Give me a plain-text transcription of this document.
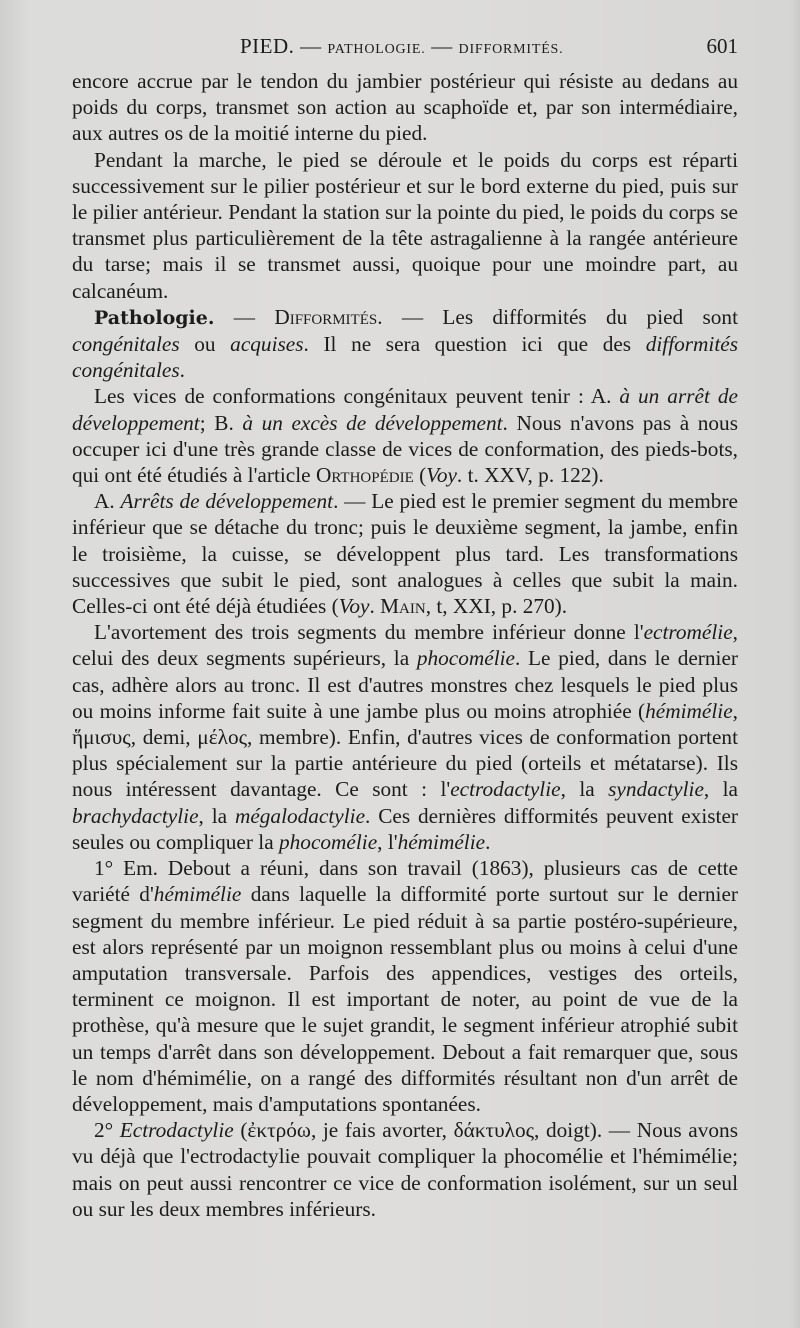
PIED. — PATHOLOGIE. — DIFFORMITÉS.	601

encore accrue par le tendon du jambier postérieur qui résiste au dedans au poids du corps, transmet son action au scaphoïde et, par son intermédiaire, aux autres os de la moitié interne du pied.

Pendant la marche, le pied se déroule et le poids du corps est réparti successivement sur le pilier postérieur et sur le bord externe du pied, puis sur le pilier antérieur. Pendant la station sur la pointe du pied, le poids du corps se transmet plus particulièrement de la tête astragalienne à la rangée antérieure du tarse; mais il se transmet aussi, quoique pour une moindre part, au calcanéum.

Pathologie. — Difformités. — Les difformités du pied sont congénitales ou acquises. Il ne sera question ici que des difformités congénitales.

Les vices de conformations congénitaux peuvent tenir : A. à un arrêt de développement; B. à un excès de développement. Nous n'avons pas à nous occuper ici d'une très grande classe de vices de conformation, des pieds-bots, qui ont été étudiés à l'article Orthopédie (Voy. t. XXV, p. 122).

A. Arrêts de développement. — Le pied est le premier segment du membre inférieur que se détache du tronc; puis le deuxième segment, la jambe, enfin le troisième, la cuisse, se développent plus tard. Les transformations successives que subit le pied, sont analogues à celles que subit la main. Celles-ci ont été déjà étudiées (Voy. Main, t, XXI, p. 270).

L'avortement des trois segments du membre inférieur donne l'ectromélie, celui des deux segments supérieurs, la phocomélie. Le pied, dans le dernier cas, adhère alors au tronc. Il est d'autres monstres chez lesquels le pied plus ou moins informe fait suite à une jambe plus ou moins atrophiée (hémimélie, ἥμισυς, demi, μέλος, membre). Enfin, d'autres vices de conformation portent plus spécialement sur la partie antérieure du pied (orteils et métatarse). Ils nous intéressent davantage. Ce sont : l'ectrodactylie, la syndactylie, la brachydactylie, la mégalodactylie. Ces dernières difformités peuvent exister seules ou compliquer la phocomélie, l'hémimélie.

1° Em. Debout a réuni, dans son travail (1863), plusieurs cas de cette variété d'hémimélie dans laquelle la difformité porte surtout sur le dernier segment du membre inférieur. Le pied réduit à sa partie postéro-supérieure, est alors représenté par un moignon ressemblant plus ou moins à celui d'une amputation transversale. Parfois des appendices, vestiges des orteils, terminent ce moignon. Il est important de noter, au point de vue de la prothèse, qu'à mesure que le sujet grandit, le segment inférieur atrophié subit un temps d'arrêt dans son développement. Debout a fait remarquer que, sous le nom d'hémimélie, on a rangé des difformités résultant non d'un arrêt de développement, mais d'amputations spontanées.

2° Ectrodactylie (ἐκτρόω, je fais avorter, δάκτυλος, doigt). — Nous avons vu déjà que l'ectrodactylie pouvait compliquer la phocomélie et l'hémimélie; mais on peut aussi rencontrer ce vice de conformation isolément, sur un seul ou sur les deux membres inférieurs.
